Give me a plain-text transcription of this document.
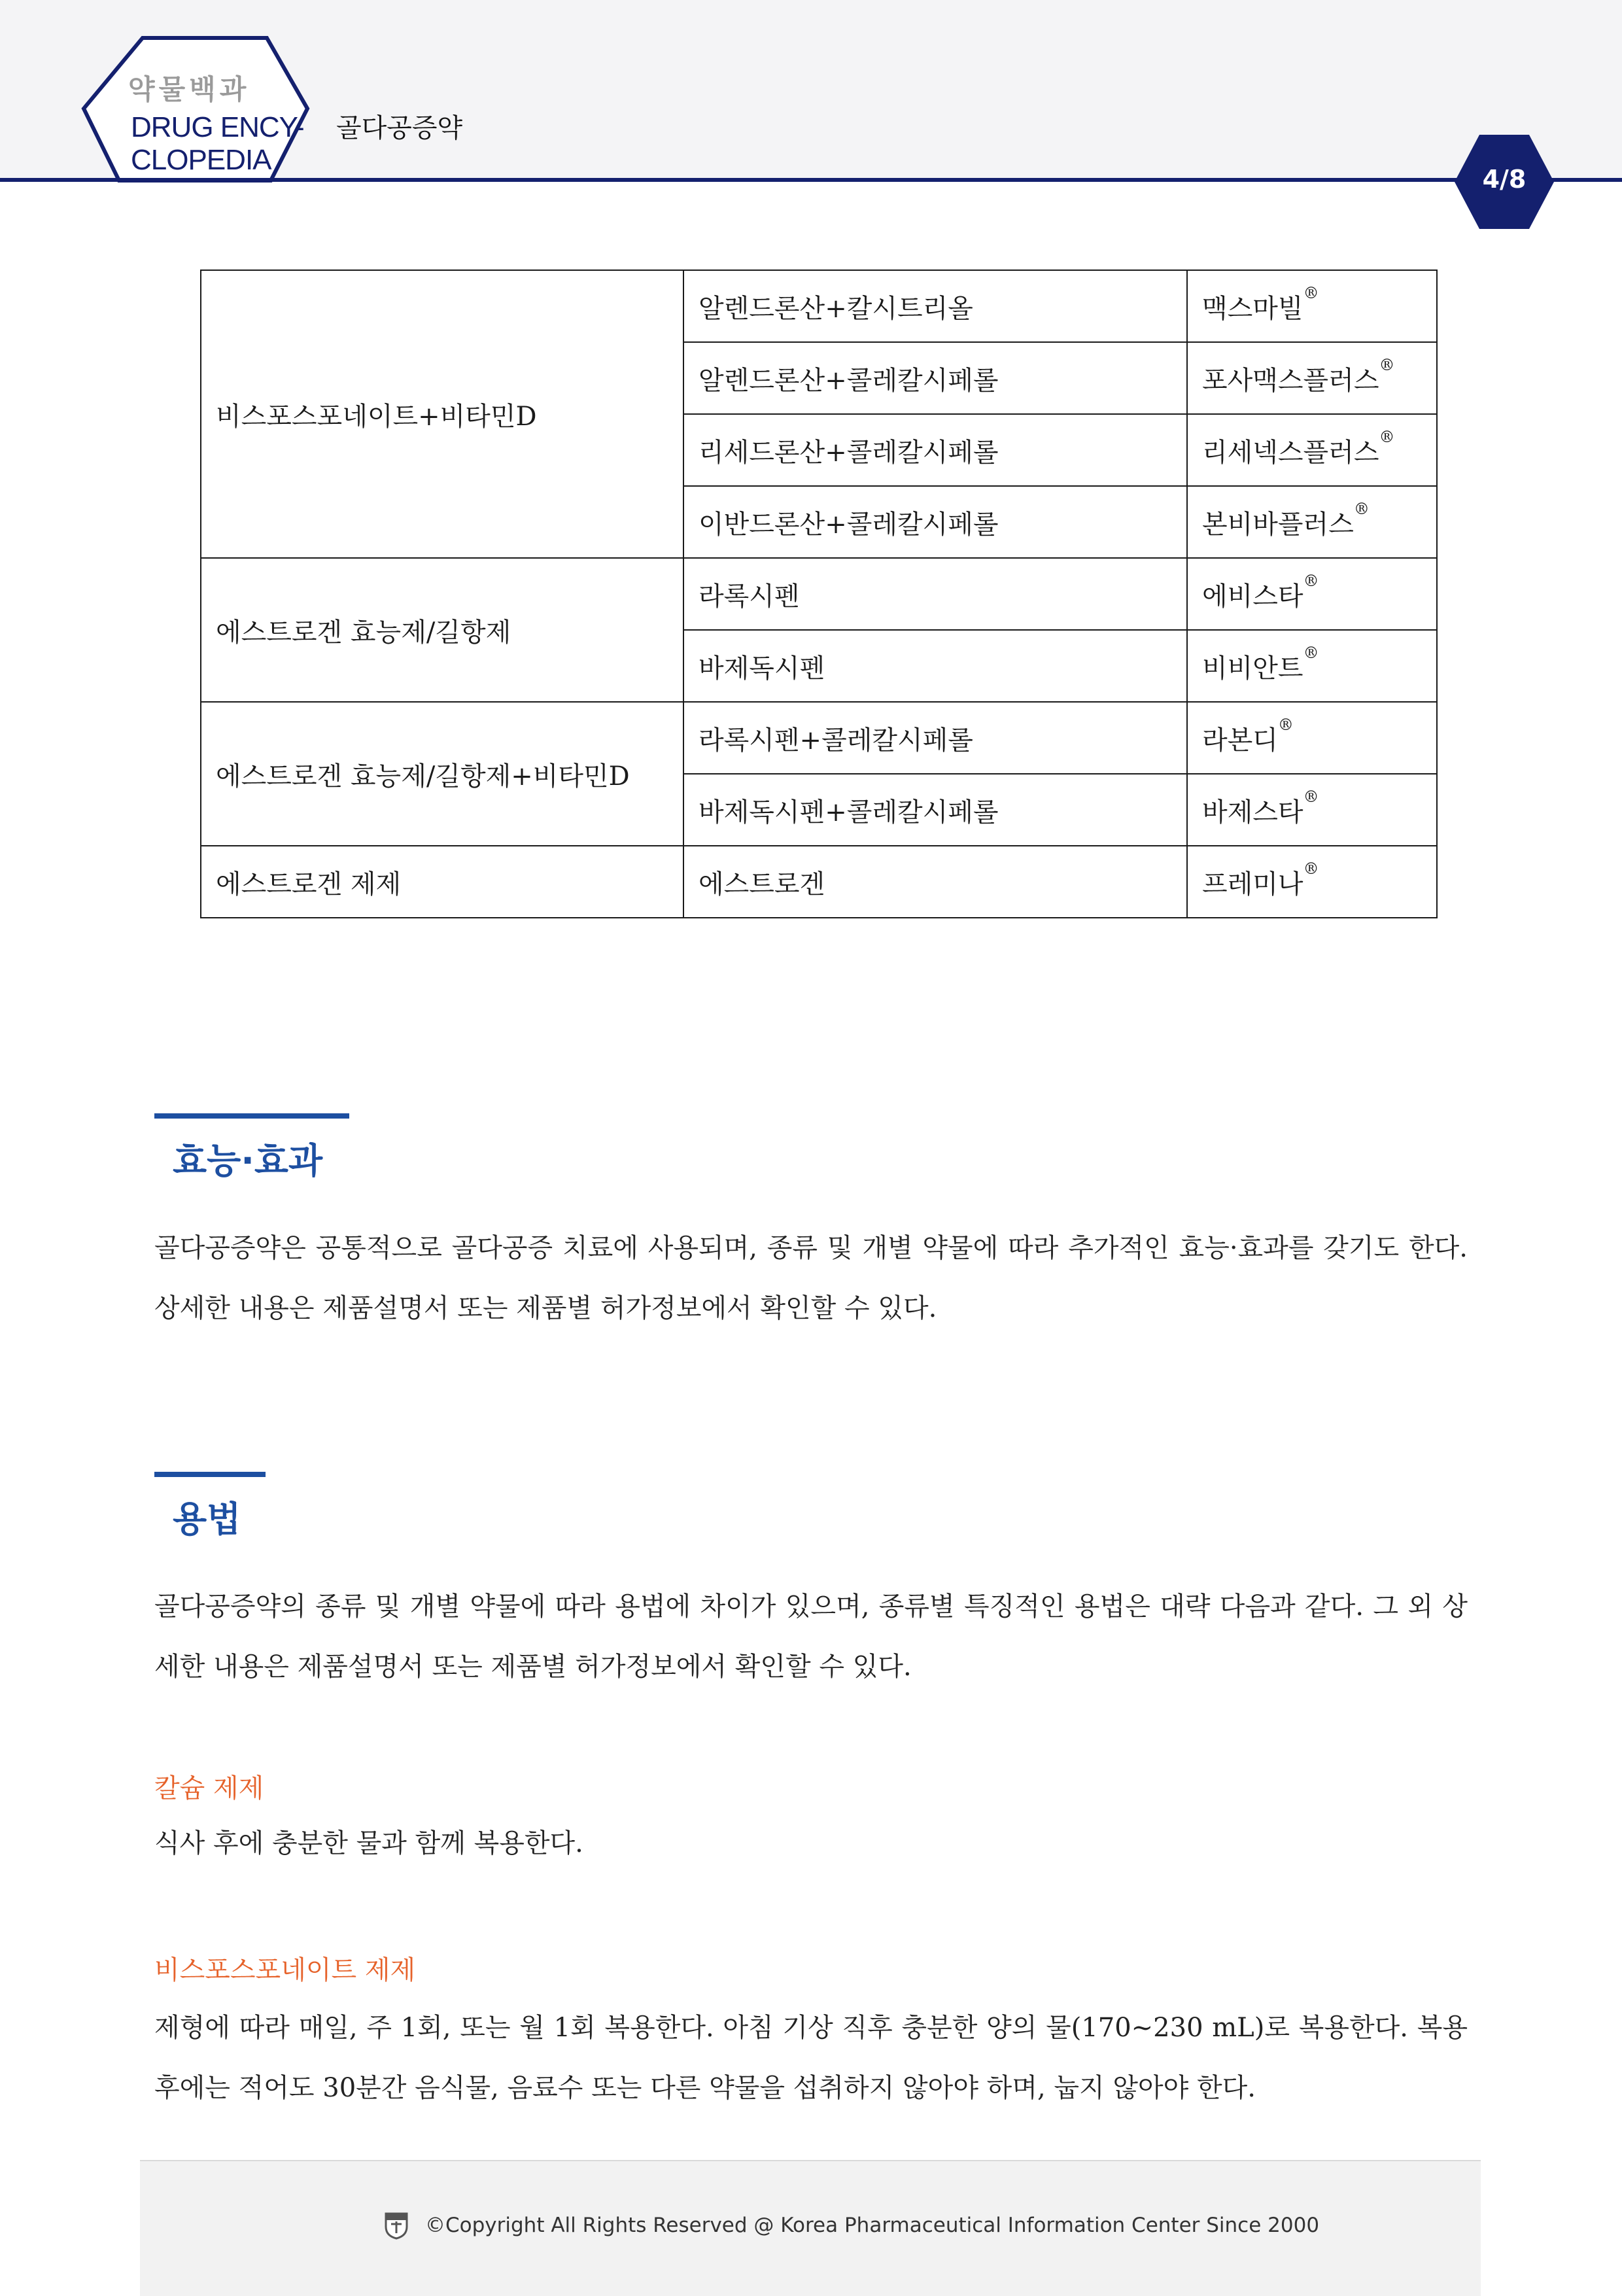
약물백과
DRUG ENCY-
CLOPEDIA
골다공증약
4/8
비스포스포네이트+비타민D	알렌드론산+칼시트리올	맥스마빌®
	알렌드론산+콜레칼시페롤	포사맥스플러스®
	리세드론산+콜레칼시페롤	리세넥스플러스®
	이반드론산+콜레칼시페롤	본비바플러스®
에스트로겐 효능제/길항제	라록시펜	에비스타®
	바제독시펜	비비안트®
에스트로겐 효능제/길항제+비타민D	라록시펜+콜레칼시페롤	라본디®
	바제독시펜+콜레칼시페롤	바제스타®
에스트로겐 제제	에스트로겐	프레미나®
효능·효과
골다공증약은 공통적으로 골다공증 치료에 사용되며, 종류 및 개별 약물에 따라 추가적인 효능·효과를 갖기도 한다. 상세한 내용은 제품설명서 또는 제품별 허가정보에서 확인할 수 있다.
용법
골다공증약의 종류 및 개별 약물에 따라 용법에 차이가 있으며, 종류별 특징적인 용법은 대략 다음과 같다. 그 외 상세한 내용은 제품설명서 또는 제품별 허가정보에서 확인할 수 있다.
칼슘 제제
식사 후에 충분한 물과 함께 복용한다.
비스포스포네이트 제제
제형에 따라 매일, 주 1회, 또는 월 1회 복용한다. 아침 기상 직후 충분한 양의 물(170~230 mL)로 복용한다. 복용 후에는 적어도 30분간 음식물, 음료수 또는 다른 약물을 섭취하지 않아야 하며, 눕지 않아야 한다.
©Copyright All Rights Reserved @ Korea Pharmaceutical Information Center Since 2000
